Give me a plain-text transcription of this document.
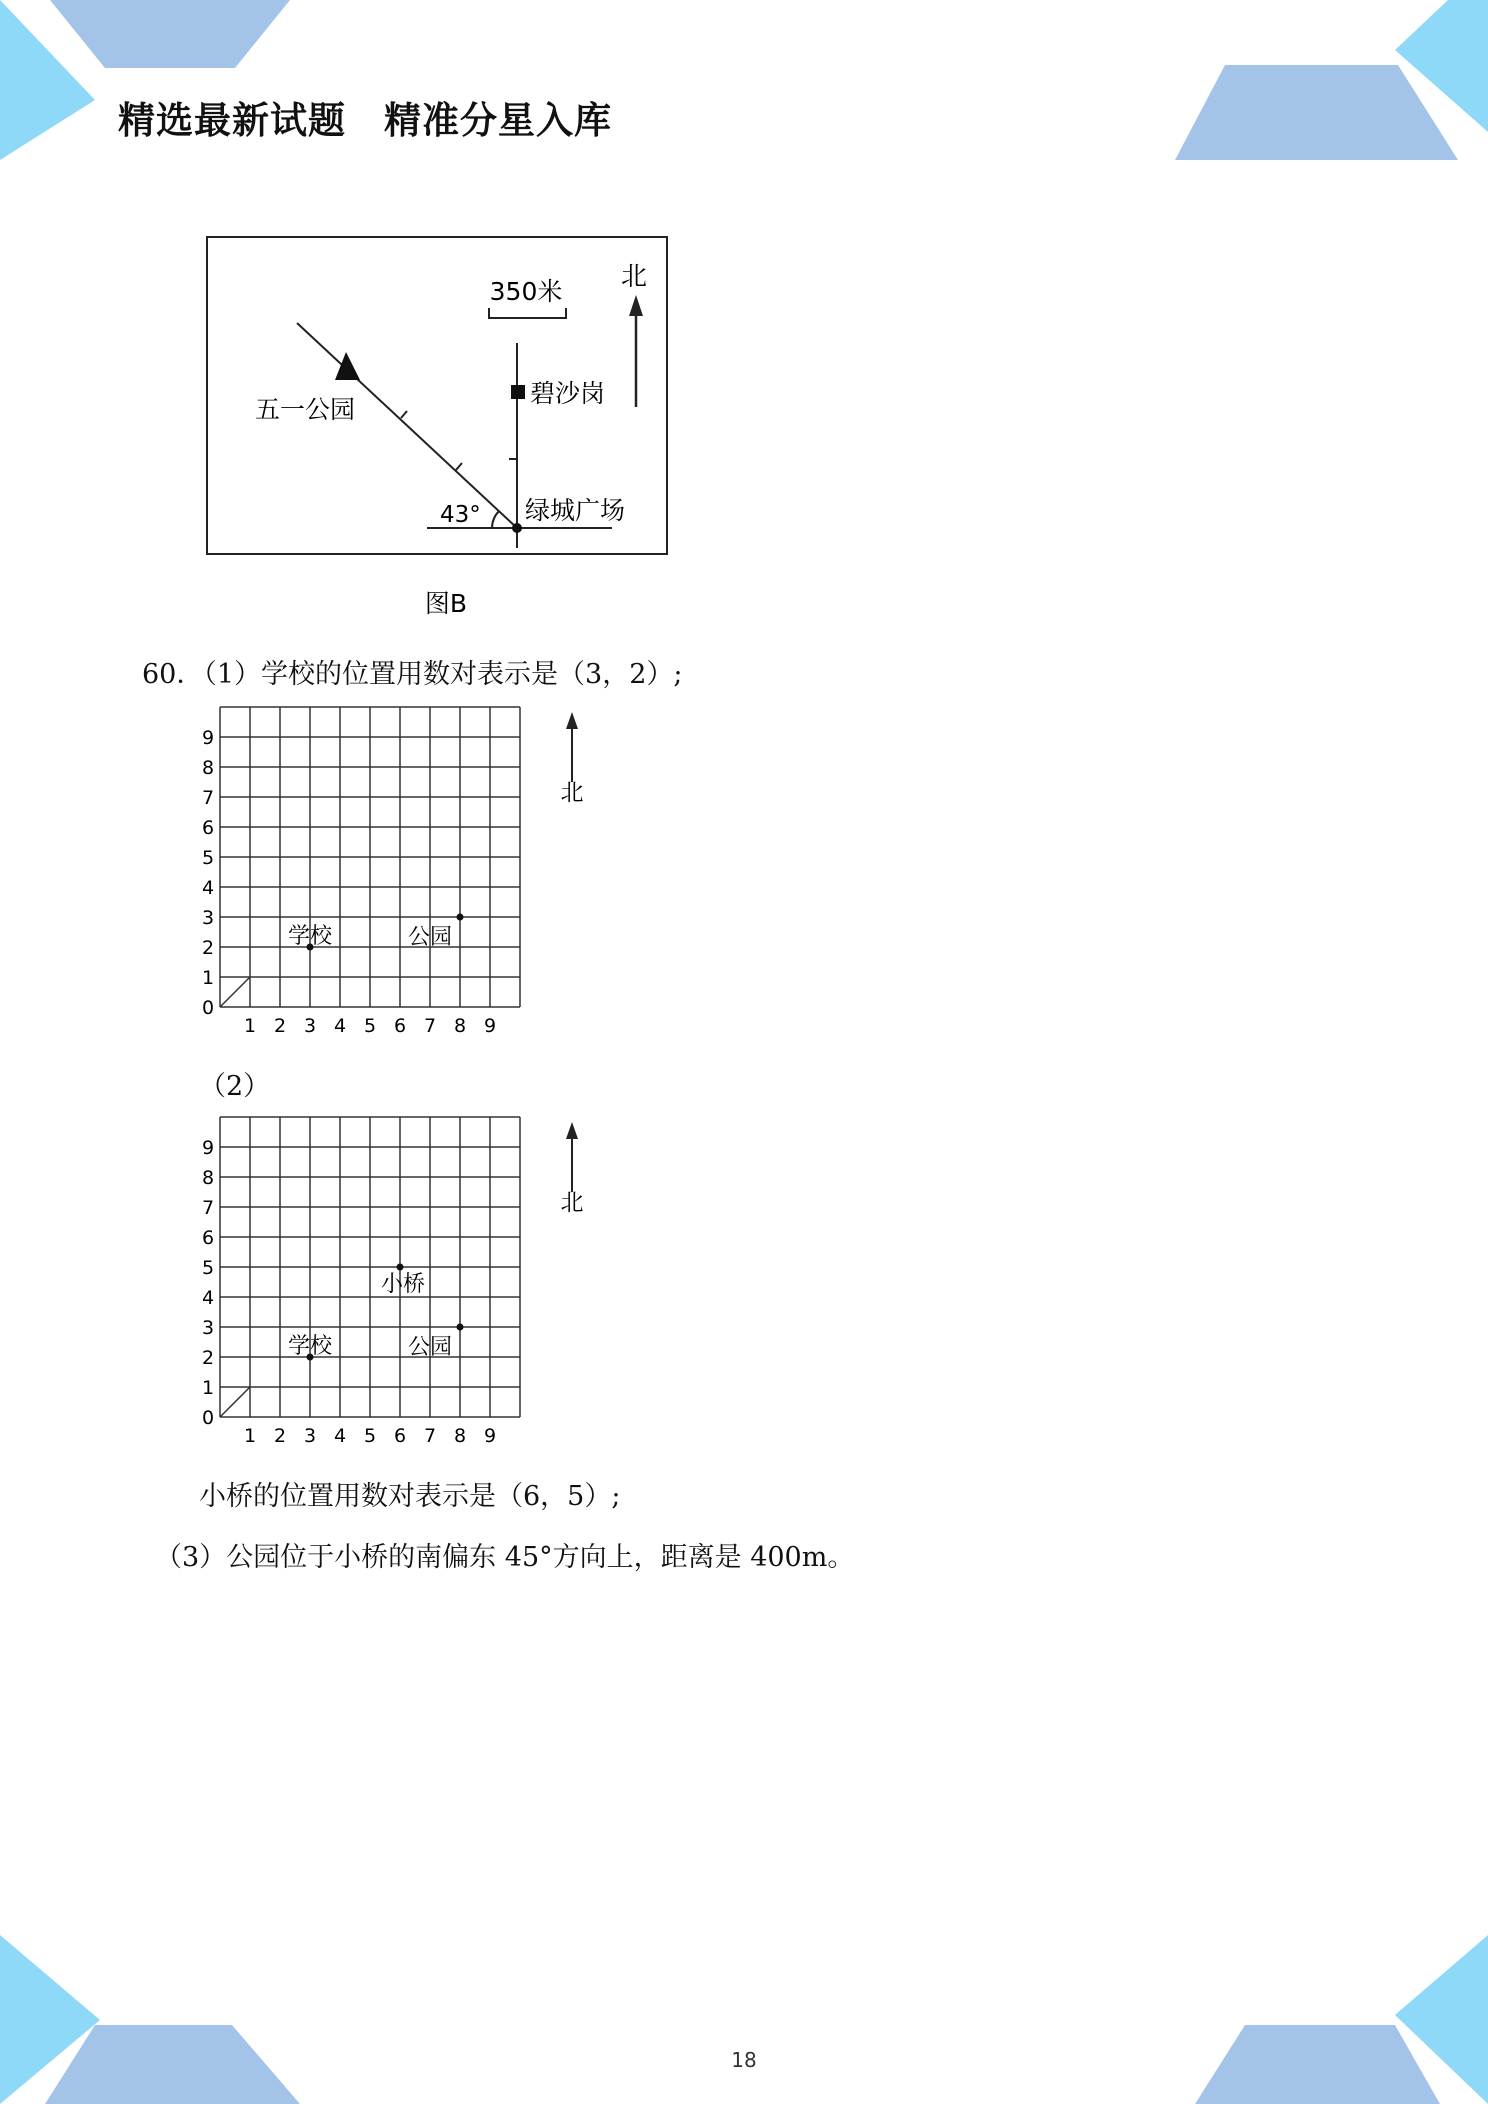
精选最新试题　精准分星入库
350米 北
碧沙岗
五一公园
43° 绿城广场
图B
60．（1）学校的位置用数对表示是（3，2）;
1 2 3 4 5 6 7 8 9
0
1
2
3
4
5
6
7
8
9
学校	公园
北
（2）
1 2 3 4 5 6 7 8 9
0
1
2
3
4
5
6
7
8
9
学校	公园
小桥
北
小桥的位置用数对表示是（6，5）;
（3）公园位于小桥的南偏东 45°方向上，距离是 400m。
18
